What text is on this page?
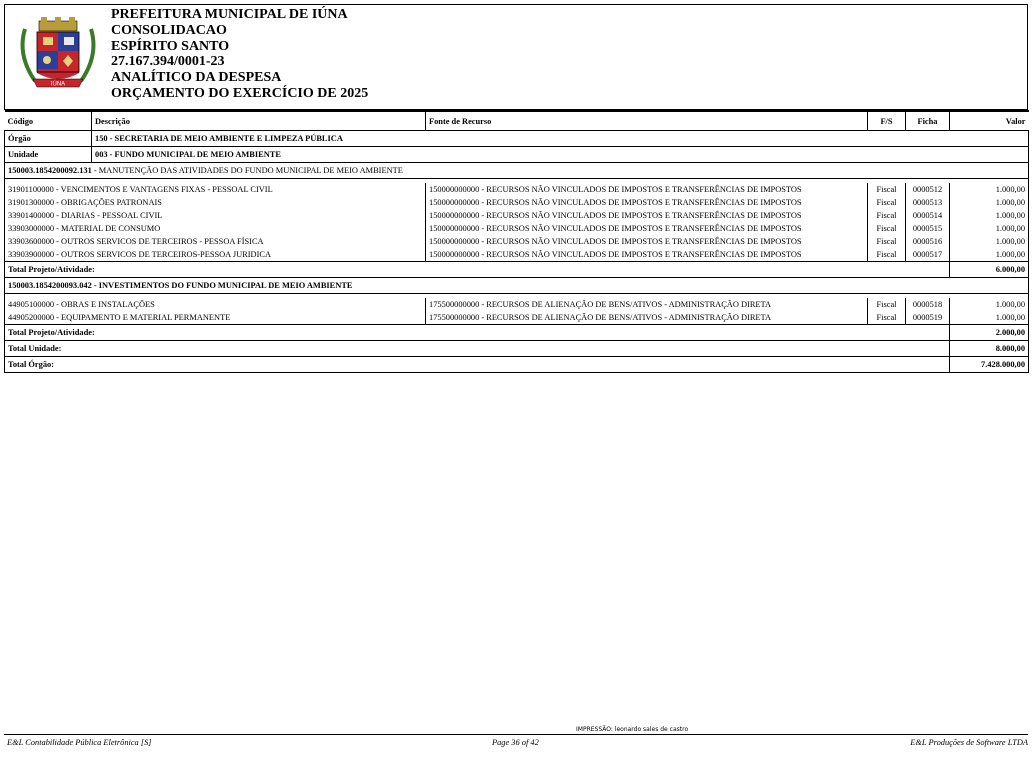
IÚNA
PREFEITURA MUNICIPAL DE IÚNA
CONSOLIDACAO
ESPÍRITO SANTO
27.167.394/0001-23
ANALÍTICO DA DESPESA
ORÇAMENTO DO EXERCÍCIO DE 2025
Código	Descrição	Fonte de Recurso	F/S	Ficha	Valor
Órgão	150 - SECRETARIA DE MEIO AMBIENTE E LIMPEZA PÚBLICA				
Unidade	003 - FUNDO MUNICIPAL DE MEIO AMBIENTE				
150003.1854200092.131 - MANUTENÇÃO DAS ATIVIDADES DO FUNDO MUNICIPAL DE MEIO AMBIENTE					

31901100000 - VENCIMENTOS E VANTAGENS FIXAS - PESSOAL CIVIL		150000000000 - RECURSOS NÃO VINCULADOS DE IMPOSTOS E TRANSFERÊNCIAS DE IMPOSTOS	Fiscal	0000512	1.000,00
31901300000 - OBRIGAÇÕES PATRONAIS		150000000000 - RECURSOS NÃO VINCULADOS DE IMPOSTOS E TRANSFERÊNCIAS DE IMPOSTOS	Fiscal	0000513	1.000,00
33901400000 - DIARIAS - PESSOAL CIVIL		150000000000 - RECURSOS NÃO VINCULADOS DE IMPOSTOS E TRANSFERÊNCIAS DE IMPOSTOS	Fiscal	0000514	1.000,00
33903000000 - MATERIAL DE CONSUMO		150000000000 - RECURSOS NÃO VINCULADOS DE IMPOSTOS E TRANSFERÊNCIAS DE IMPOSTOS	Fiscal	0000515	1.000,00
33903600000 - OUTROS SERVICOS DE TERCEIROS - PESSOA FÍSICA		150000000000 - RECURSOS NÃO VINCULADOS DE IMPOSTOS E TRANSFERÊNCIAS DE IMPOSTOS	Fiscal	0000516	1.000,00
33903900000 - OUTROS SERVICOS DE TERCEIROS-PESSOA JURIDICA		150000000000 - RECURSOS NÃO VINCULADOS DE IMPOSTOS E TRANSFERÊNCIAS DE IMPOSTOS	Fiscal	0000517	1.000,00
Total Projeto/Atividade:					6.000,00
150003.1854200093.042 - INVESTIMENTOS DO FUNDO MUNICIPAL DE MEIO AMBIENTE					

44905100000 - OBRAS E INSTALAÇÕES		175500000000 - RECURSOS DE ALIENAÇÃO DE BENS/ATIVOS - ADMINISTRAÇÃO DIRETA	Fiscal	0000518	1.000,00
44905200000 - EQUIPAMENTO E MATERIAL PERMANENTE		175500000000 - RECURSOS DE ALIENAÇÃO DE BENS/ATIVOS - ADMINISTRAÇÃO DIRETA	Fiscal	0000519	1.000,00
Total Projeto/Atividade:					2.000,00
Total Unidade:					8.000,00
Total Órgão:					7.428.000,00
IMPRESSÃO: leonardo sales de castro
E&L Contabilidade Pública Eletrônica [S]	Page 36 of 42	E&L Produções de Software LTDA
